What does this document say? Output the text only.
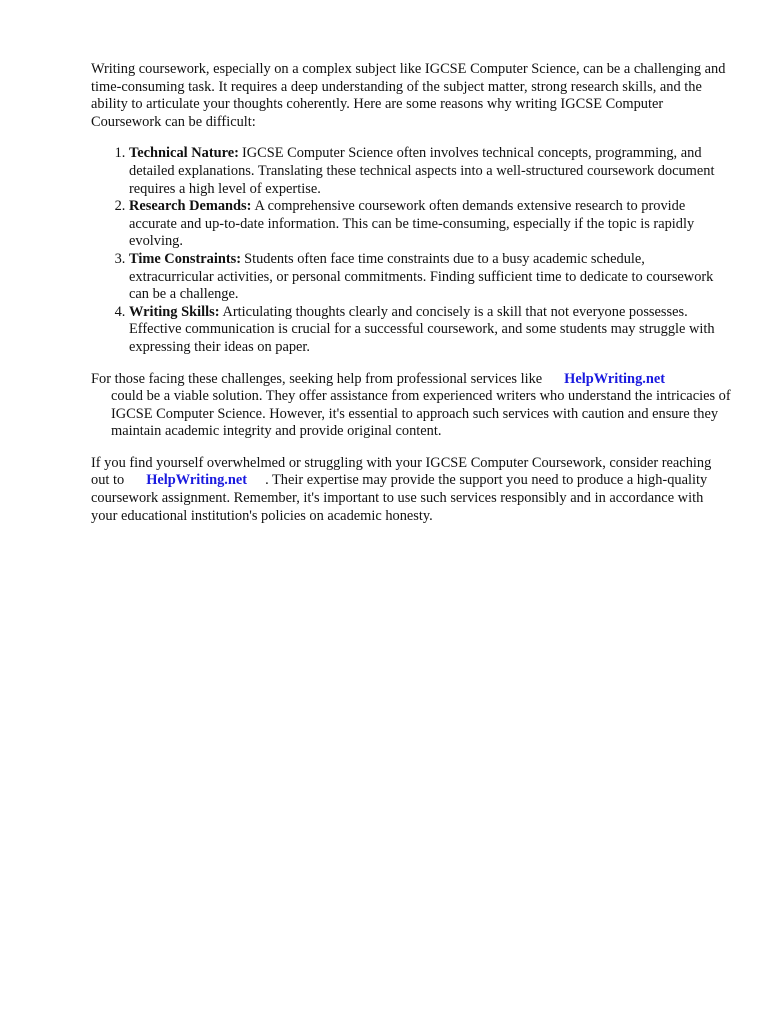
Writing coursework, especially on a complex subject like IGCSE Computer Science, can be a challenging and time-consuming task. It requires a deep understanding of the subject matter, strong research skills, and the ability to articulate your thoughts coherently. Here are some reasons why writing IGCSE Computer Coursework can be difficult:

1. Technical Nature: IGCSE Computer Science often involves technical concepts, programming, and detailed explanations. Translating these technical aspects into a well-structured coursework document requires a high level of expertise.
2. Research Demands: A comprehensive coursework often demands extensive research to provide accurate and up-to-date information. This can be time-consuming, especially if the topic is rapidly evolving.
3. Time Constraints: Students often face time constraints due to a busy academic schedule, extracurricular activities, or personal commitments. Finding sufficient time to dedicate to coursework can be a challenge.
4. Writing Skills: Articulating thoughts clearly and concisely is a skill that not everyone possesses. Effective communication is crucial for a successful coursework, and some students may struggle with expressing their ideas on paper.

For those facing these challenges, seeking help from professional services like HelpWriting.net
could be a viable solution. They offer assistance from experienced writers who understand the intricacies of IGCSE Computer Science. However, it's essential to approach such services with caution and ensure they maintain academic integrity and provide original content.

If you find yourself overwhelmed or struggling with your IGCSE Computer Coursework, consider reaching out to HelpWriting.net . Their expertise may provide the support you need to produce a high-quality coursework assignment. Remember, it's important to use such services responsibly and in accordance with your educational institution's policies on academic honesty.
